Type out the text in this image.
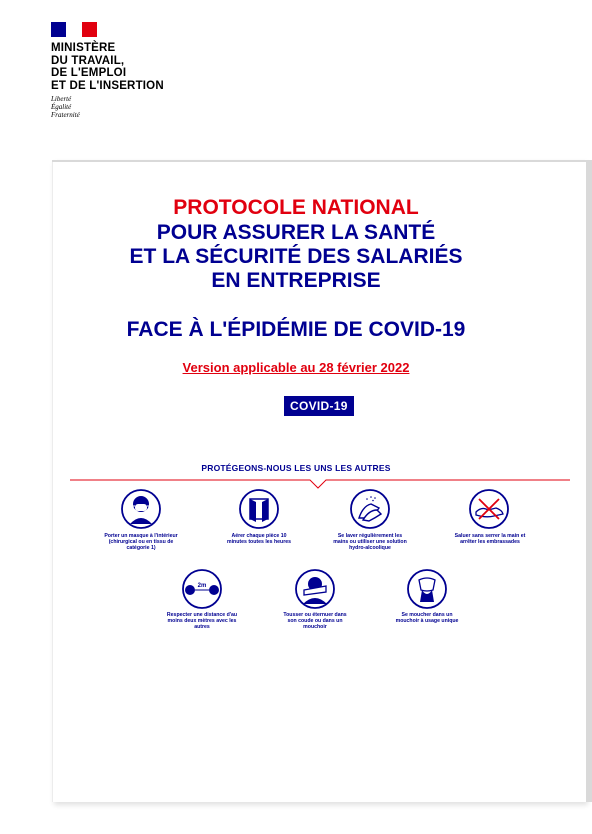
MINISTÈRE
DU TRAVAIL,
DE L'EMPLOI
ET DE L'INSERTION
Liberté
Égalité
Fraternité
PROTOCOLE NATIONAL
POUR ASSURER LA SANTÉ
ET LA SÉCURITÉ DES SALARIÉS
EN ENTREPRISE
FACE À L'ÉPIDÉMIE DE COVID-19
Version applicable au 28 février 2022
COVID-19
PROTÉGEONS-NOUS LES UNS LES AUTRES
Porter un masque à l'intérieur (chirurgical ou en tissu de catégorie 1)
Aérer chaque pièce 10 minutes toutes les heures
Se laver régulièrement les mains ou utiliser une solution hydro-alcoolique
Saluer sans serrer la main et arrêter les embrassades
2m
Respecter une distance d'au moins deux mètres avec les autres
Tousser ou éternuer dans son coude ou dans un mouchoir
Se moucher dans un mouchoir à usage unique
